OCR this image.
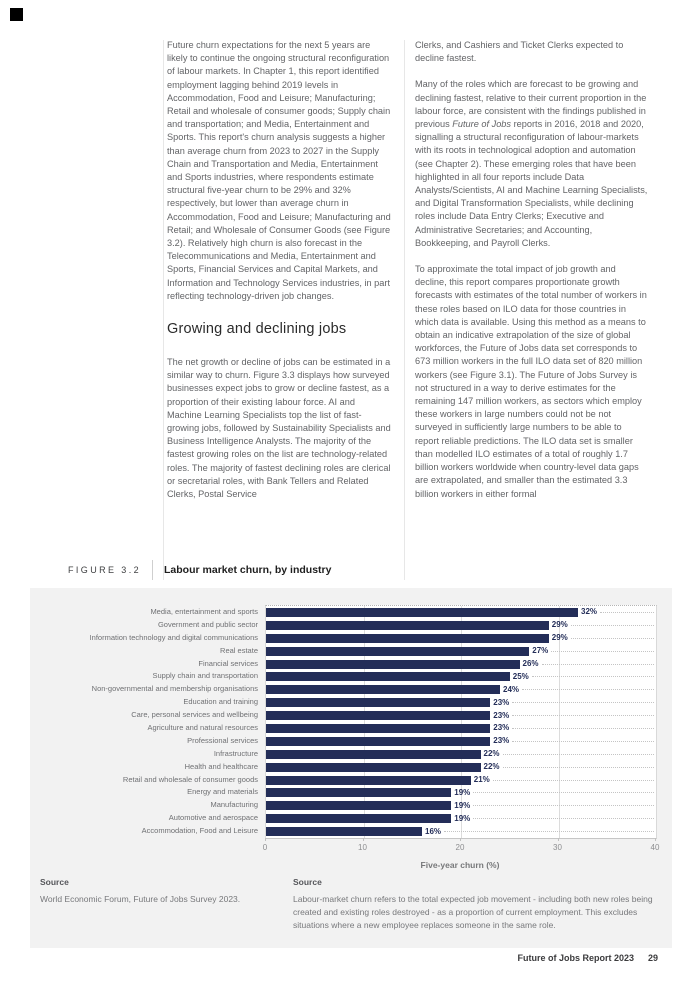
Future churn expectations for the next 5 years are likely to continue the ongoing structural reconfiguration of labour markets. In Chapter 1, this report identified employment lagging behind 2019 levels in Accommodation, Food and Leisure; Manufacturing; Retail and wholesale of consumer goods; Supply chain and transportation; and Media, Entertainment and Sports. This report's churn analysis suggests a higher than average churn from 2023 to 2027 in the Supply Chain and Transportation and Media, Entertainment and Sports industries, where respondents estimate structural five-year churn to be 29% and 32% respectively, but lower than average churn in Accommodation, Food and Leisure; Manufacturing and Retail; and Wholesale of Consumer Goods (see Figure 3.2). Relatively high churn is also forecast in the Telecommunications and Media, Entertainment and Sports, Financial Services and Capital Markets, and Information and Technology Services industries, in part reflecting technology-driven job changes.

Growing and declining jobs

The net growth or decline of jobs can be estimated in a similar way to churn. Figure 3.3 displays how surveyed businesses expect jobs to grow or decline fastest, as a proportion of their existing labour force. AI and Machine Learning Specialists top the list of fast-growing jobs, followed by Sustainability Specialists and Business Intelligence Analysts. The majority of the fastest growing roles on the list are technology-related roles. The majority of fastest declining roles are clerical or secretarial roles, with Bank Tellers and Related Clerks, Postal Service

Clerks, and Cashiers and Ticket Clerks expected to decline fastest.

Many of the roles which are forecast to be growing and declining fastest, relative to their current proportion in the labour force, are consistent with the findings published in previous Future of Jobs reports in 2016, 2018 and 2020, signalling a structural reconfiguration of labour-markets with its roots in technological adoption and automation (see Chapter 2). These emerging roles that have been highlighted in all four reports include Data Analysts/Scientists, AI and Machine Learning Specialists, and Digital Transformation Specialists, while declining roles include Data Entry Clerks; Executive and Administrative Secretaries; and Accounting, Bookkeeping, and Payroll Clerks.

To approximate the total impact of job growth and decline, this report compares proportionate growth forecasts with estimates of the total number of workers in these roles based on ILO data for those countries in which data is available. Using this method as a means to obtain an indicative extrapolation of the size of global workforces, the Future of Jobs data set corresponds to 673 million workers in the full ILO data set of 820 million workers (see Figure 3.1). The Future of Jobs Survey is not structured in a way to derive estimates for the remaining 147 million workers, as sectors which employ these workers in large numbers could not be not surveyed in sufficiently large numbers to be able to report reliable predictions. The ILO data set is smaller than modelled ILO estimates of a total of roughly 1.7 billion workers worldwide when country-level data gaps are extrapolated, and smaller than the estimated 3.3 billion workers in either formal

FIGURE 3.2 Labour market churn, by industry
Media, entertainment and sports
Government and public sector
Information technology and digital communications
Real estate
Financial services
Supply chain and transportation
Non-governmental and membership organisations
Education and training
Care, personal services and wellbeing
Agriculture and natural resources
Professional services
Infrastructure
Health and healthcare
Retail and wholesale of consumer goods
Energy and materials
Manufacturing
Automotive and aerospace
Accommodation, Food and Leisure
32%
29%
29%
27%
26%
25%
24%
23%
23%
23%
23%
22%
22%
21%
19%
19%
19%
16%
0	10	20	30	40
Five-year churn (%)
Source
World Economic Forum, Future of Jobs Survey 2023.
Source
Labour-market churn refers to the total expected job movement - including both new roles being created and existing roles destroyed - as a proportion of current employment. This excludes situations where a new employee replaces someone in the same role.
Future of Jobs Report 2023 29
